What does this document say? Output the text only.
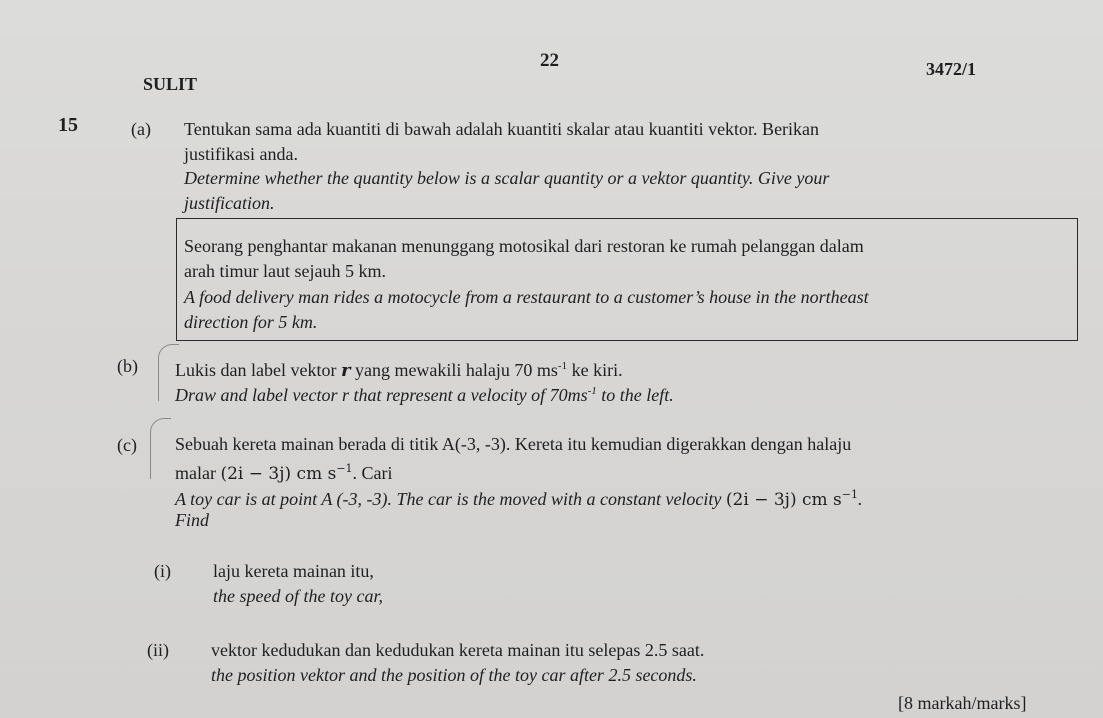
22
SULIT
3472/1
15	(a) Tentukan sama ada kuantiti di bawah adalah kuantiti skalar atau kuantiti vektor. Berikan
justifikasi anda.
Determine whether the quantity below is a scalar quantity or a vektor quantity. Give your
justification.
Seorang penghantar makanan menunggang motosikal dari restoran ke rumah pelanggan dalam
arah timur laut sejauh 5 km.
A food delivery man rides a motocycle from a restaurant to a customer’s house in the northeast
direction for 5 km.
(b) Lukis dan label vektor r yang mewakili halaju 70 $ms^{-1}$ ke kiri.
Draw and label vector r that represent a velocity of $70ms^{-1}$ to the left.
(c) Sebuah kereta mainan berada di titik A(-3, -3). Kereta itu kemudian digerakkan dengan halaju
malar (2i − 3j) cm $s^{-1}$. Cari
A toy car is at point A (-3, -3). The car is the moved with a constant velocity (2i − 3j) cm $s^{-1}$.
Find
(i) laju kereta mainan itu,
the speed of the toy car,
(ii) vektor kedudukan dan kedudukan kereta mainan itu selepas 2.5 saat.
the position vektor and the position of the toy car after 2.5 seconds.
[8 markah/marks]
